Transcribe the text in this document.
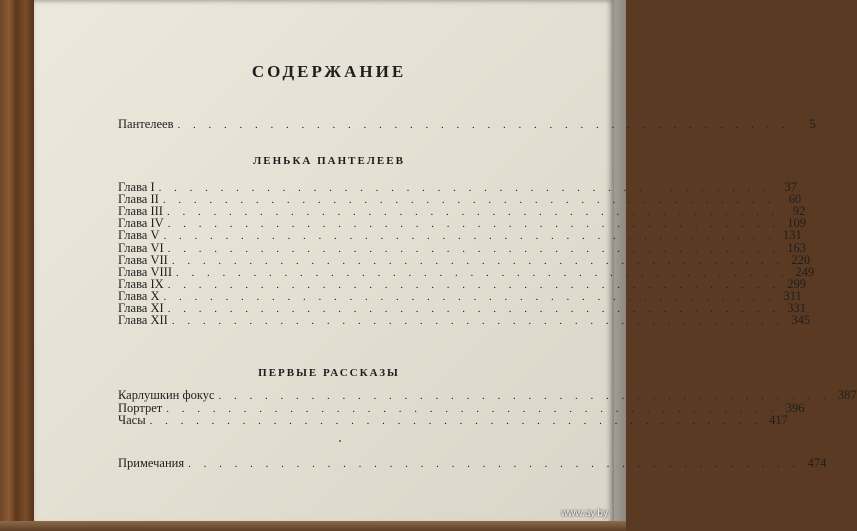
СОДЕРЖАНИЕ
Пантелеев . . . . . . . . . . . . . . . . . . . . . . . . . . . . . . . . . . . . . . . .	5
ЛЕНЬКА ПАНТЕЛЕЕВ
Глава I . . . . . . . . . . . . . . . . . . . . . . . . . . . . . . . . . . . . . . . .	37
Глава II . . . . . . . . . . . . . . . . . . . . . . . . . . . . . . . . . . . . . . . .	60
Глава III . . . . . . . . . . . . . . . . . . . . . . . . . . . . . . . . . . . . . . . .	92
Глава IV . . . . . . . . . . . . . . . . . . . . . . . . . . . . . . . . . . . . . . . . 109
Глава V . . . . . . . . . . . . . . . . . . . . . . . . . . . . . . . . . . . . . . . . 131
Глава VI . . . . . . . . . . . . . . . . . . . . . . . . . . . . . . . . . . . . . . . . 163
Глава VII . . . . . . . . . . . . . . . . . . . . . . . . . . . . . . . . . . . . . . . . 220
Глава VIII . . . . . . . . . . . . . . . . . . . . . . . . . . . . . . . . . . . . . . . . 249
Глава IX . . . . . . . . . . . . . . . . . . . . . . . . . . . . . . . . . . . . . . . . 299
Глава X . . . . . . . . . . . . . . . . . . . . . . . . . . . . . . . . . . . . . . . . 311
Глава XI . . . . . . . . . . . . . . . . . . . . . . . . . . . . . . . . . . . . . . . . 331
Глава XII . . . . . . . . . . . . . . . . . . . . . . . . . . . . . . . . . . . . . . . . 345
ПЕРВЫЕ РАССКАЗЫ
Карлушкин фокус . . . . . . . . . . . . . . . . . . . . . . . . . . . . . . . . . . . . . . . . 387
Портрет . . . . . . . . . . . . . . . . . . . . . . . . . . . . . . . . . . . . . . . . 396
Часы . . . . . . . . . . . . . . . . . . . . . . . . . . . . . . . . . . . . . . . . 417
Примечания . . . . . . . . . . . . . . . . . . . . . . . . . . . . . . . . . . . . . . . . 474
www.ay.by
